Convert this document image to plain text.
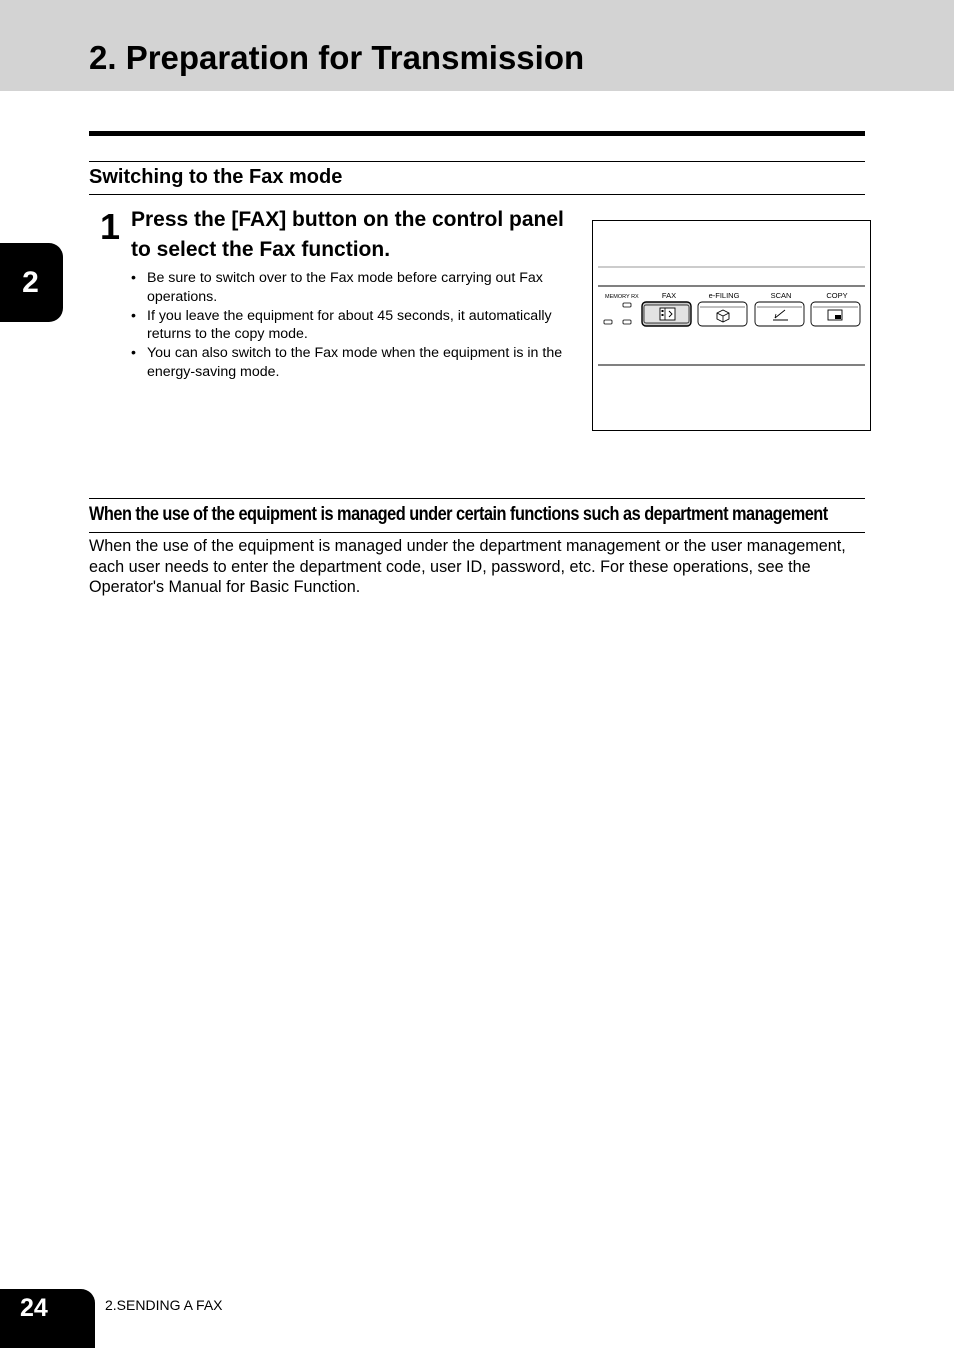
2. Preparation for Transmission
2
Switching to the Fax mode
1 Press the [FAX] button on the control panel to select the Fax function.

• Be sure to switch over to the Fax mode before carrying out Fax operations.
• If you leave the equipment for about 45 seconds, it automatically returns to the copy mode.
• You can also switch to the Fax mode when the equipment is in the energy-saving mode.
MEMORY RX	FAX	e-FILING	SCAN	COPY
When the use of the equipment is managed under certain functions such as department management

When the use of the equipment is managed under the department management or the user management, each user needs to enter the department code, user ID, password, etc. For these operations, see the Operator's Manual for Basic Function.

24	2.SENDING A FAX
